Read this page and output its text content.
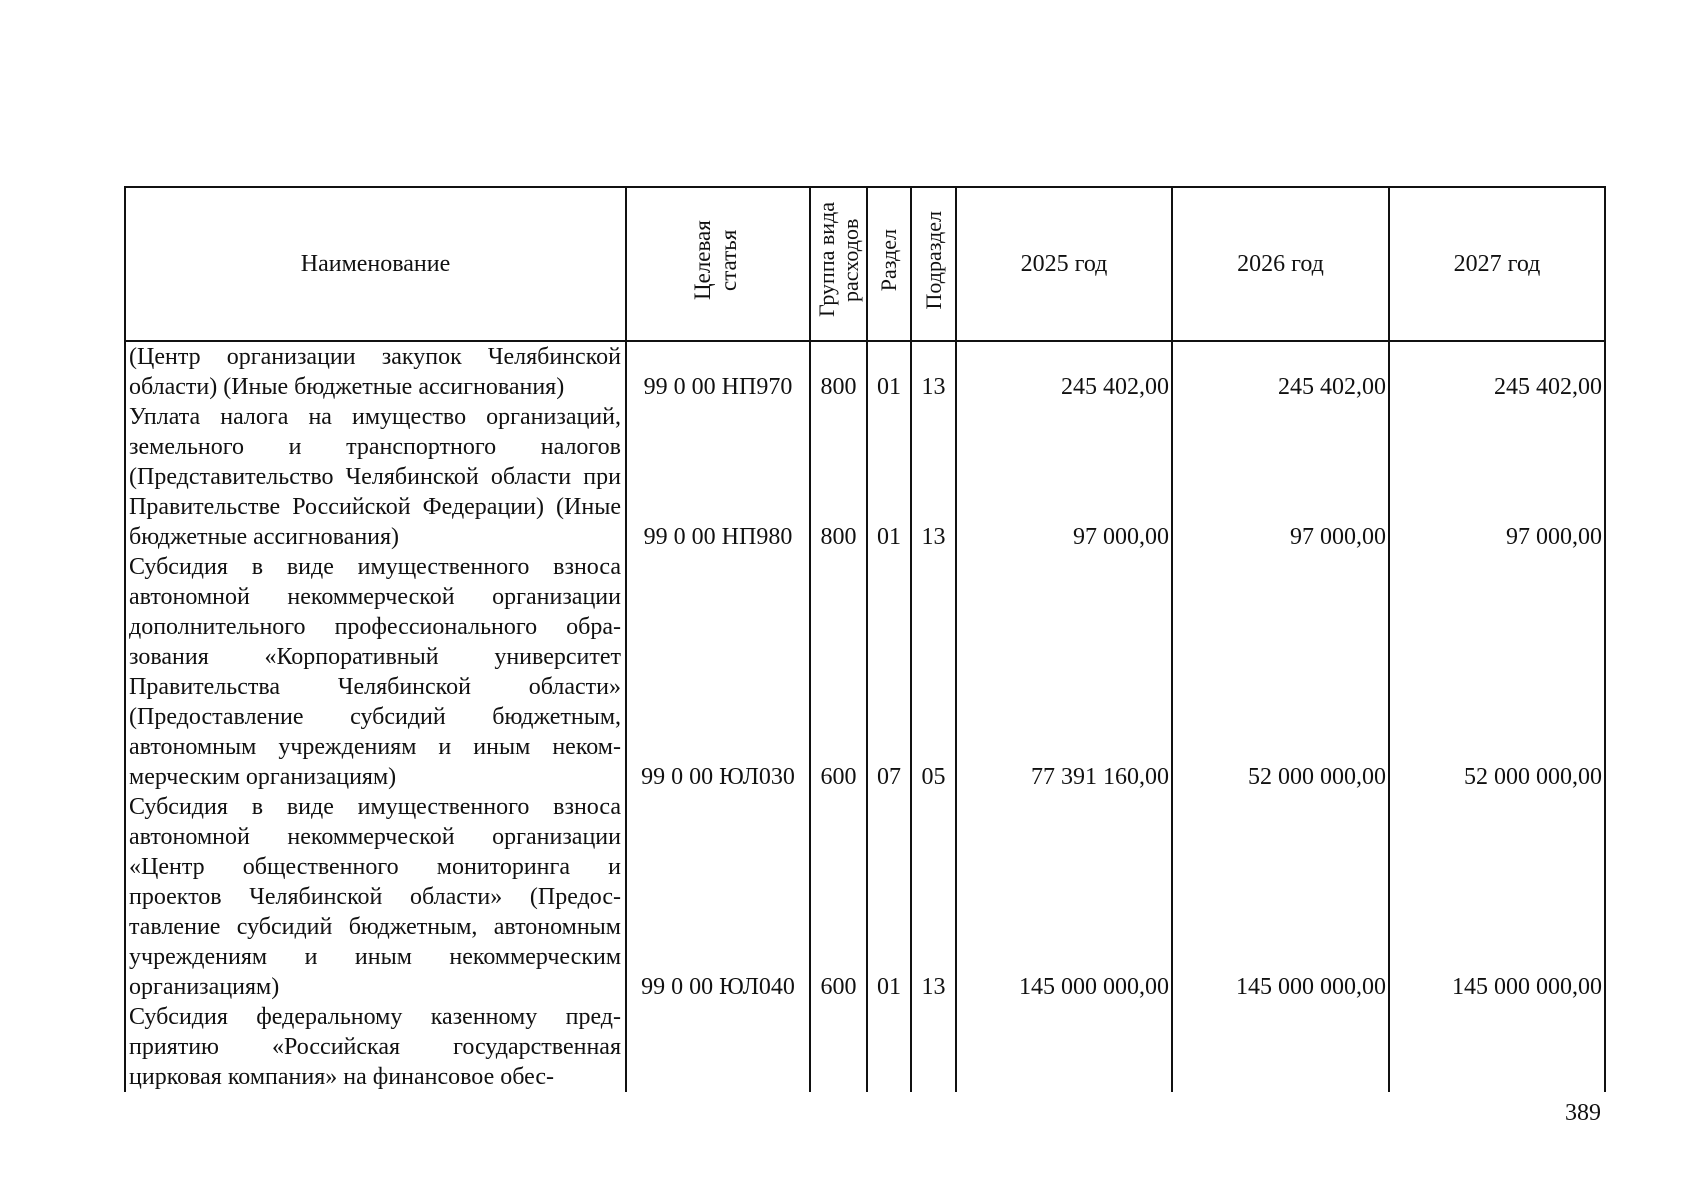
Наименование	Целевая статья	Группа вида расходов	Раздел	Подраздел	2025 год	2026 год	2027 год
(Центр организации закупок Челябинской области) (Иные бюджетные ассигнования)	99 0 00 НП970	800	01	13	245 402,00	245 402,00	245 402,00
Уплата налога на имущество организаций, земельного и транспортного налогов (Представительство Челябинской области при Правительстве Российской Федерации) (Иные бюджетные ассигнования)	99 0 00 НП980	800	01	13	97 000,00	97 000,00	97 000,00
Субсидия в виде имущественного взноса автономной некоммерческой организации дополнительного профессионального образования «Корпоративный университет Правительства Челябинской области» (Предоставление субсидий бюджетным, автономным учреждениям и иным некоммерческим организациям)	99 0 00 ЮЛ030	600	07	05	77 391 160,00	52 000 000,00	52 000 000,00
Субсидия в виде имущественного взноса автономной некоммерческой организации «Центр общественного мониторинга и проектов Челябинской области» (Предоставление субсидий бюджетным, автономным учреждениям и иным некоммерческим организациям)	99 0 00 ЮЛ040	600	01	13	145 000 000,00	145 000 000,00	145 000 000,00
Субсидия федеральному казенному предприятию «Российская государственная цирковая компания» на финансовое обес-							
389
